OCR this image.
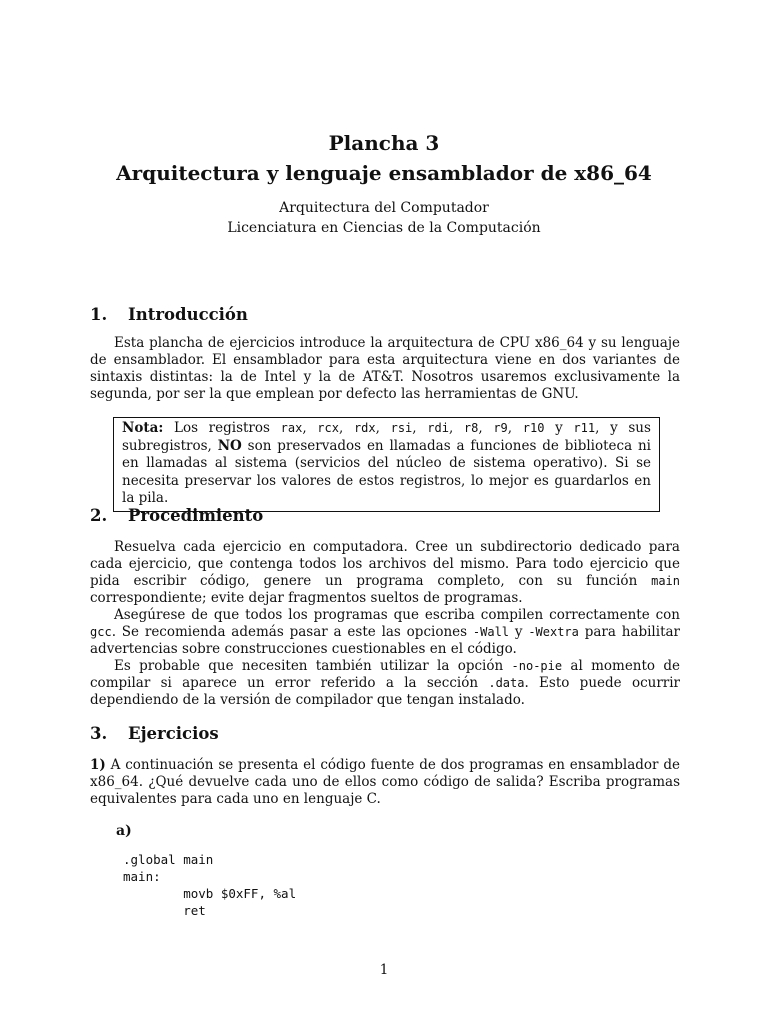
Plancha 3
Arquitectura y lenguaje ensamblador de x86_64
Arquitectura del Computador
Licenciatura en Ciencias de la Computación
1. Introducción

Esta plancha de ejercicios introduce la arquitectura de CPU x86_64 y su lenguaje de ensamblador. El ensamblador para esta arquitectura viene en dos variantes de sintaxis distintas: la de Intel y la de AT&T. Nosotros usaremos exclusivamente la segunda, por ser la que emplean por defecto las herramientas de GNU.

Nota: Los registros rax, rcx, rdx, rsi, rdi, r8, r9, r10 y r11, y sus subregistros, NO son preservados en llamadas a funciones de biblioteca ni en llamadas al sistema (servicios del núcleo de sistema operativo). Si se necesita preservar los valores de estos registros, lo mejor es guardarlos en la pila.
2. Procedimiento

Resuelva cada ejercicio en computadora. Cree un subdirectorio dedicado para cada ejercicio, que contenga todos los archivos del mismo. Para todo ejercicio que pida escribir código, genere un programa completo, con su función main correspondiente; evite dejar fragmentos sueltos de programas.

Asegúrese de que todos los programas que escriba compilen correctamente con gcc. Se recomienda además pasar a este las opciones -Wall y -Wextra para habilitar advertencias sobre construcciones cuestionables en el código.

Es probable que necesiten también utilizar la opción -no-pie al momento de compilar si aparece un error referido a la sección .data. Esto puede ocurrir dependiendo de la versión de compilador que tengan instalado.

3. Ejercicios

1) A continuación se presenta el código fuente de dos programas en ensamblador de x86_64. ¿Qué devuelve cada uno de ellos como código de salida? Escriba programas equivalentes para cada uno en lenguaje C.

a)
.global main
main:
movb $0xFF, %al
ret
1
